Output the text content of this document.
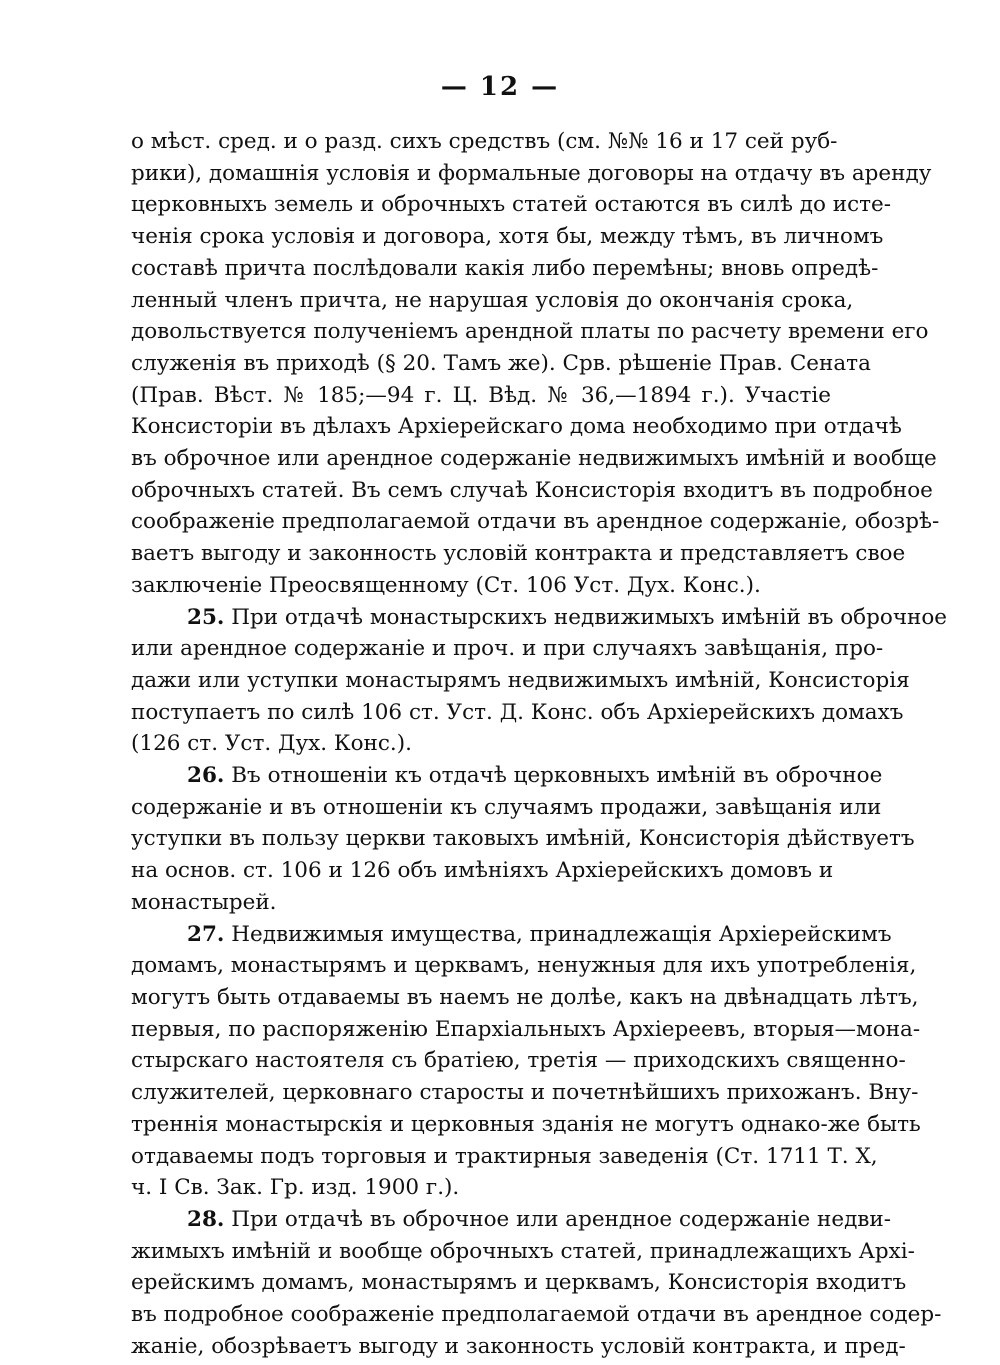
— 12 —
о мѣст. сред. и о разд. сихъ средствъ (см. №№ 16 и 17 сей руб-
рики), домашнія условія и формальные договоры на отдачу въ аренду
церковныхъ земель и оброчныхъ статей остаются въ силѣ до исте-
ченія срока условія и договора, хотя бы, между тѣмъ, въ личномъ
составѣ причта послѣдовали какія либо перемѣны; вновь опредѣ-
ленный членъ причта, не нарушая условія до окончанія срока,
довольствуется полученіемъ арендной платы по расчету времени его
служенія въ приходѣ (§ 20. Тамъ же). Срв. рѣшеніе Прав. Сената
(Прав. Вѣст. № 185;—94 г. Ц. Вѣд. № 36,—1894 г.). Участіе
Консисторіи въ дѣлахъ Архіерейскаго дома необходимо при отдачѣ
въ оброчное или арендное содержаніе недвижимыхъ имѣній и вообще
оброчныхъ статей. Въ семъ случаѣ Консисторія входитъ въ подробное
соображеніе предполагаемой отдачи въ арендное содержаніе, обозрѣ-
ваетъ выгоду и законность условій контракта и представляетъ свое
заключеніе Преосвященному (Ст. 106 Уст. Дух. Конс.).
25. При отдачѣ монастырскихъ недвижимыхъ имѣній въ оброчное
или арендное содержаніе и проч. и при случаяхъ завѣщанія, про-
дажи или уступки монастырямъ недвижимыхъ имѣній, Консисторія
поступаетъ по силѣ 106 ст. Уст. Д. Конс. объ Архіерейскихъ домахъ
(126 ст. Уст. Дух. Конс.).
26. Въ отношеніи къ отдачѣ церковныхъ имѣній въ оброчное
содержаніе и въ отношеніи къ случаямъ продажи, завѣщанія или
уступки въ пользу церкви таковыхъ имѣній, Консисторія дѣйствуетъ
на основ. ст. 106 и 126 объ имѣніяхъ Архіерейскихъ домовъ и
монастырей.
27. Недвижимыя имущества, принадлежащія Архіерейскимъ
домамъ, монастырямъ и церквамъ, ненужныя для ихъ употребленія,
могутъ быть отдаваемы въ наемъ не долѣе, какъ на двѣнадцать лѣтъ,
первыя, по распоряженію Епархіальныхъ Архіереевъ, вторыя—мона-
стырскаго настоятеля съ братіею, третія — приходскихъ священно-
служителей, церковнаго старосты и почетнѣйшихъ прихожанъ. Вну-
треннія монастырскія и церковныя зданія не могутъ однако-же быть
отдаваемы подъ торговыя и трактирныя заведенія (Ст. 1711 Т. X,
ч. I Св. Зак. Гр. изд. 1900 г.).
28. При отдачѣ въ оброчное или арендное содержаніе недви-
жимыхъ имѣній и вообще оброчныхъ статей, принадлежащихъ Архі-
ерейскимъ домамъ, монастырямъ и церквамъ, Консисторія входитъ
въ подробное соображеніе предполагаемой отдачи въ арендное содер-
жаніе, обозрѣваетъ выгоду и законность условій контракта, и пред-
